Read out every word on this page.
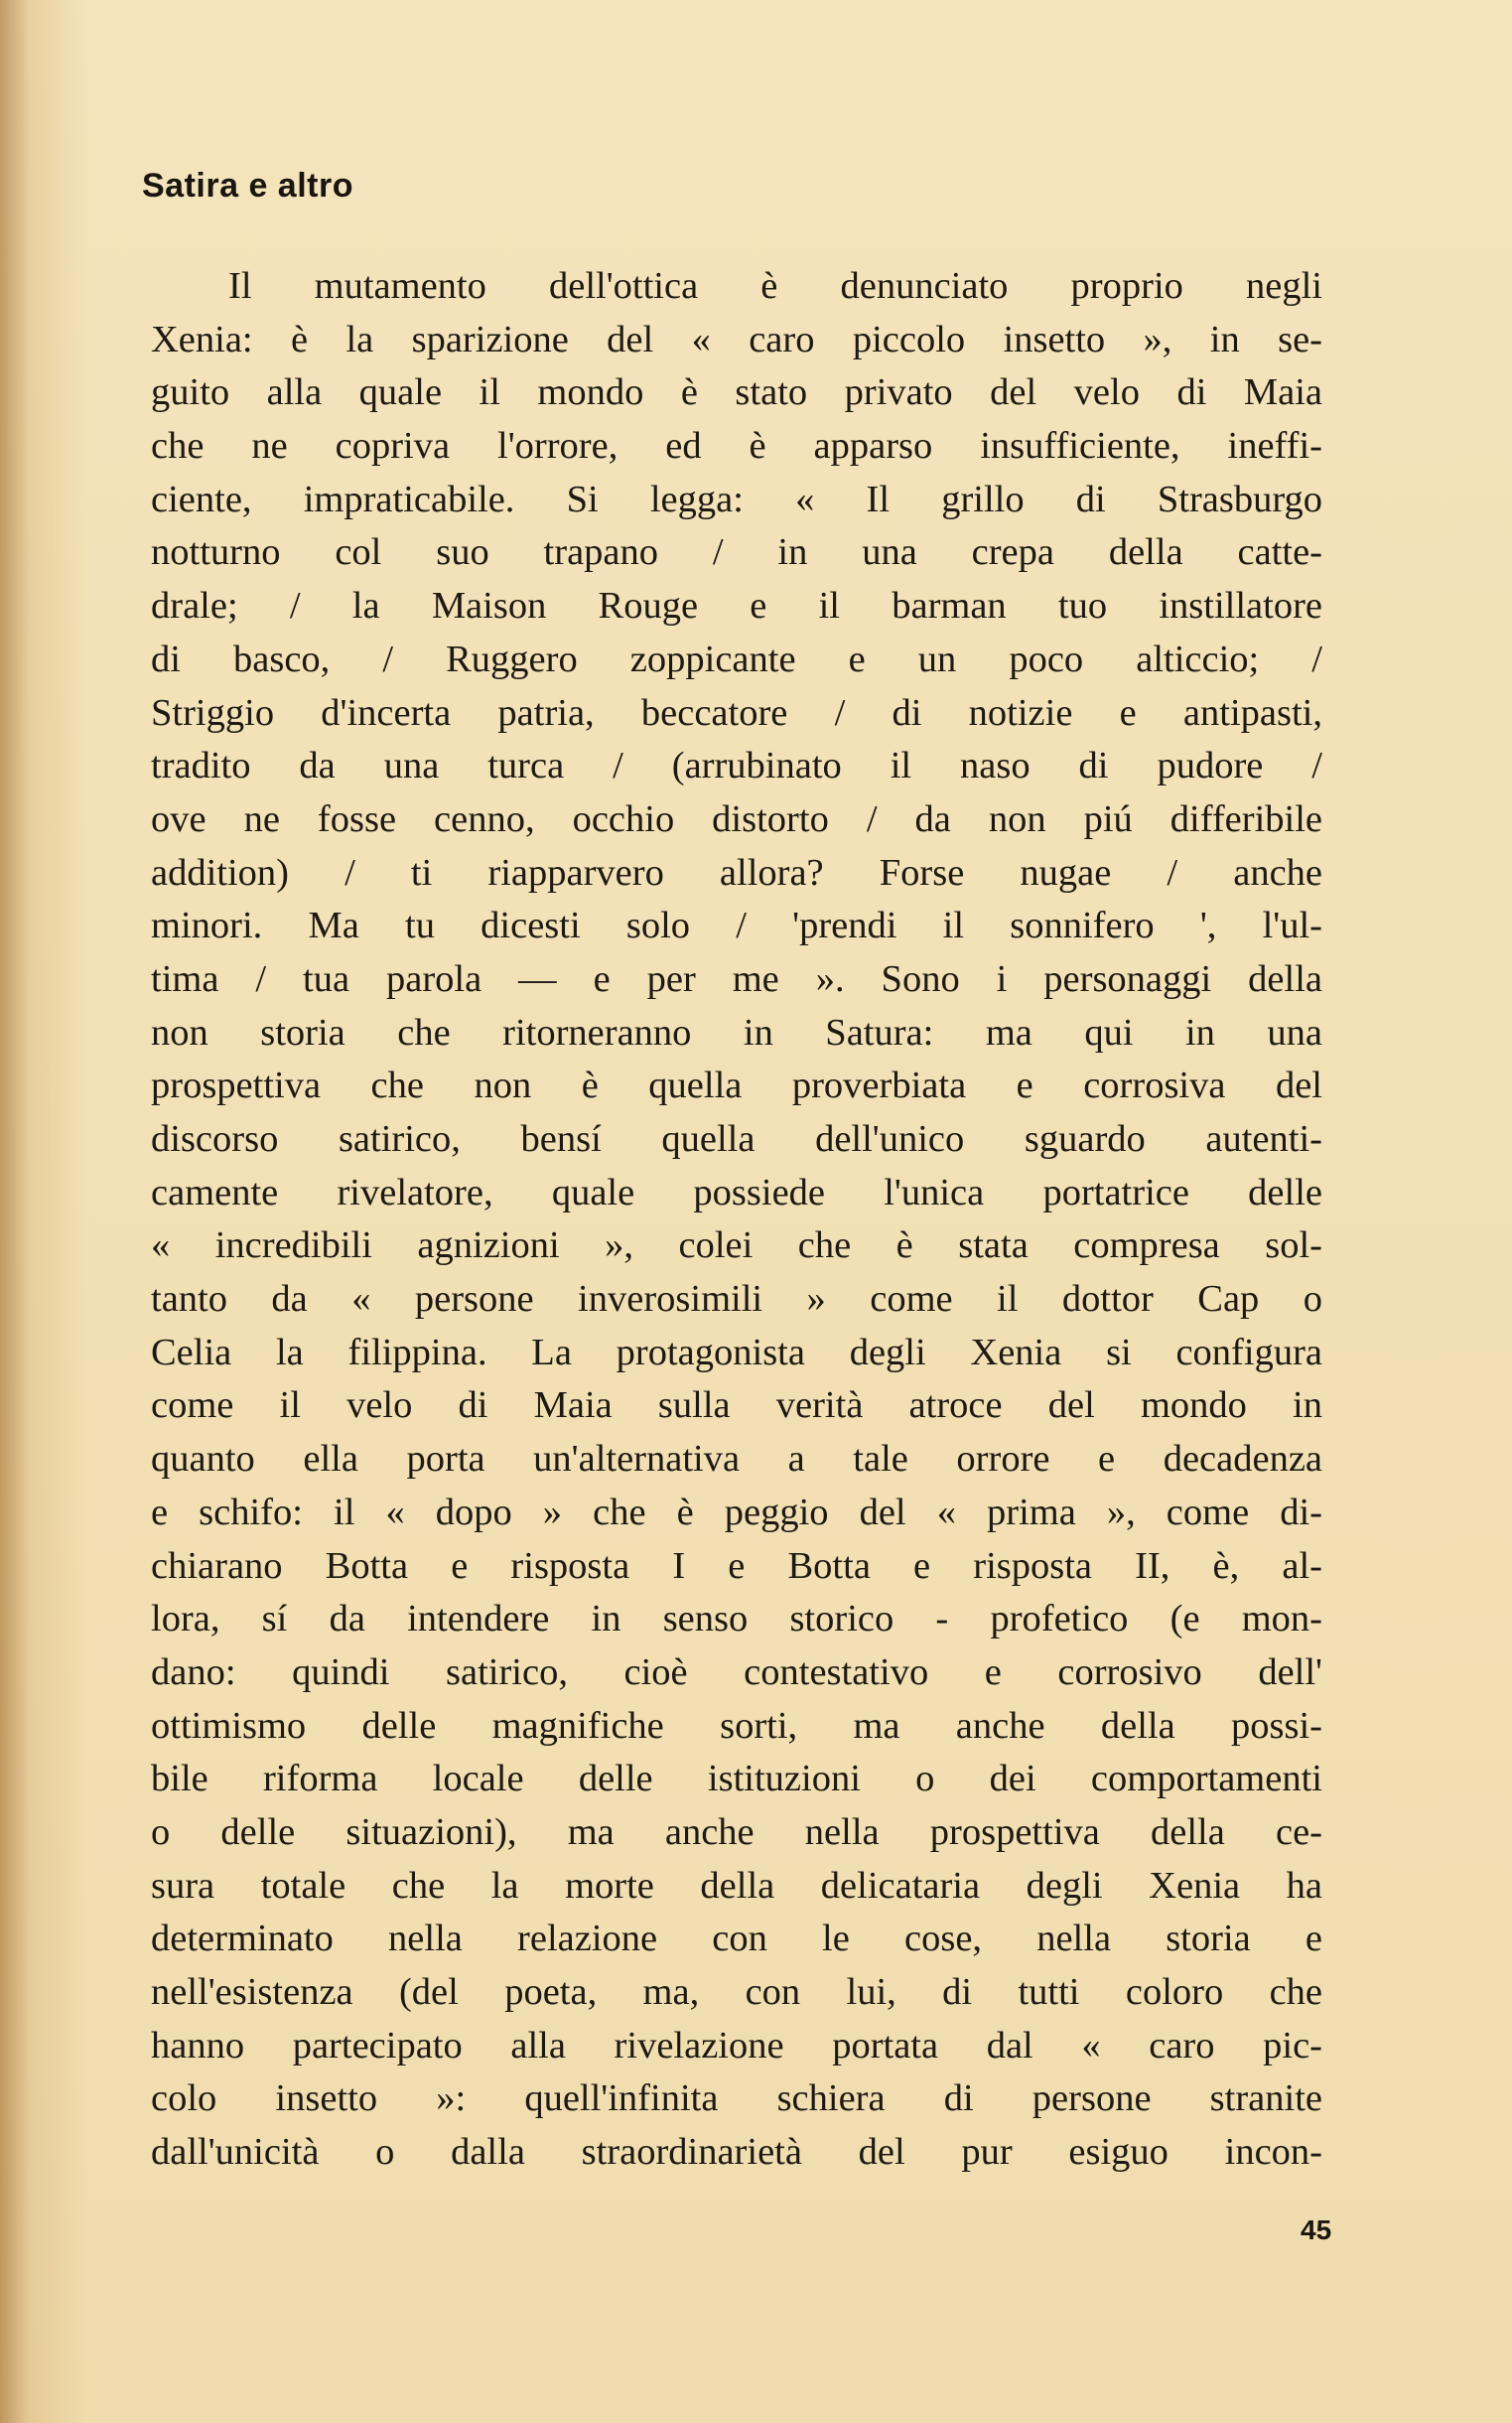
Satira e altro
Il mutamento dell'ottica è denunciato proprio negli
Xenia: è la sparizione del « caro piccolo insetto », in se-
guito alla quale il mondo è stato privato del velo di Maia
che ne copriva l'orrore, ed è apparso insufficiente, ineffi-
ciente, impraticabile. Si legga: « Il grillo di Strasburgo
notturno col suo trapano / in una crepa della catte-
drale; / la Maison Rouge e il barman tuo instillatore
di basco, / Ruggero zoppicante e un poco alticcio; /
Striggio d'incerta patria, beccatore / di notizie e antipasti,
tradito da una turca / (arrubinato il naso di pudore /
ove ne fosse cenno, occhio distorto / da non piú differibile
addition) / ti riapparvero allora? Forse nugae / anche
minori. Ma tu dicesti solo / 'prendi il sonnifero ', l'ul-
tima / tua parola — e per me ». Sono i personaggi della
non storia che ritorneranno in Satura: ma qui in una
prospettiva che non è quella proverbiata e corrosiva del
discorso satirico, bensí quella dell'unico sguardo autenti-
camente rivelatore, quale possiede l'unica portatrice delle
« incredibili agnizioni », colei che è stata compresa sol-
tanto da « persone inverosimili » come il dottor Cap o
Celia la filippina. La protagonista degli Xenia si configura
come il velo di Maia sulla verità atroce del mondo in
quanto ella porta un'alternativa a tale orrore e decadenza
e schifo: il « dopo » che è peggio del « prima », come di-
chiarano Botta e risposta I e Botta e risposta II, è, al-
lora, sí da intendere in senso storico - profetico (e mon-
dano: quindi satirico, cioè contestativo e corrosivo dell'
ottimismo delle magnifiche sorti, ma anche della possi-
bile riforma locale delle istituzioni o dei comportamenti
o delle situazioni), ma anche nella prospettiva della ce-
sura totale che la morte della delicataria degli Xenia ha
determinato nella relazione con le cose, nella storia e
nell'esistenza (del poeta, ma, con lui, di tutti coloro che
hanno partecipato alla rivelazione portata dal « caro pic-
colo insetto »: quell'infinita schiera di persone stranite
dall'unicità o dalla straordinarietà del pur esiguo incon-
45
